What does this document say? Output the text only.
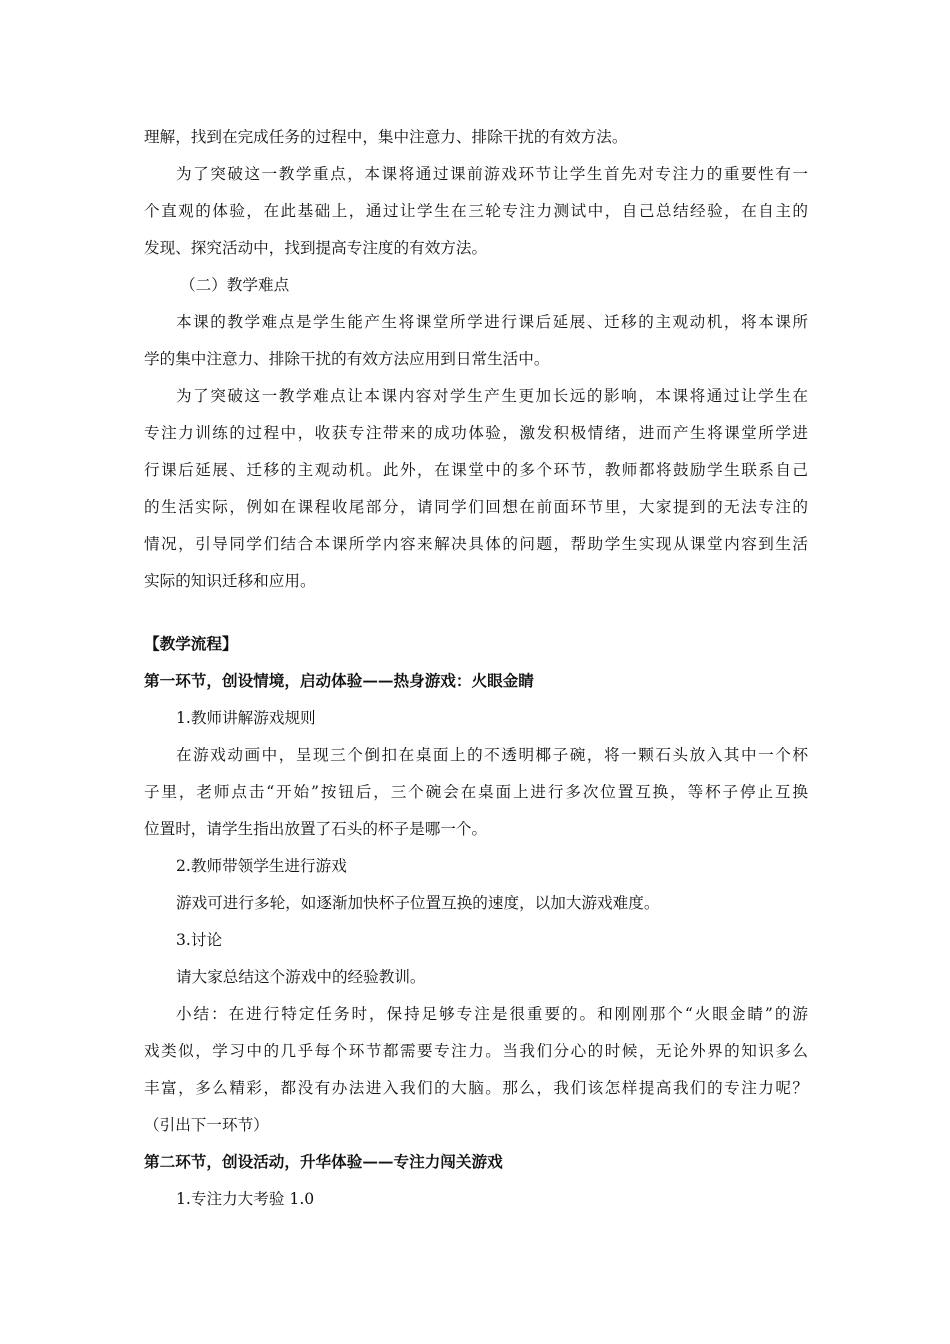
理解，找到在完成任务的过程中，集中注意力、排除干扰的有效方法。
为了突破这一教学重点，本课将通过课前游戏环节让学生首先对专注力的重要性有一
个直观的体验，在此基础上，通过让学生在三轮专注力测试中，自己总结经验，在自主的
发现、探究活动中，找到提高专注度的有效方法。
（二）教学难点
本课的教学难点是学生能产生将课堂所学进行课后延展、迁移的主观动机，将本课所
学的集中注意力、排除干扰的有效方法应用到日常生活中。
为了突破这一教学难点让本课内容对学生产生更加长远的影响，本课将通过让学生在
专注力训练的过程中，收获专注带来的成功体验，激发积极情绪，进而产生将课堂所学进
行课后延展、迁移的主观动机。此外，在课堂中的多个环节，教师都将鼓励学生联系自己
的生活实际，例如在课程收尾部分，请同学们回想在前面环节里，大家提到的无法专注的
情况，引导同学们结合本课所学内容来解决具体的问题，帮助学生实现从课堂内容到生活
实际的知识迁移和应用。
【教学流程】
第一环节，创设情境，启动体验——热身游戏：火眼金睛
1.教师讲解游戏规则
在游戏动画中，呈现三个倒扣在桌面上的不透明椰子碗，将一颗石头放入其中一个杯
子里，老师点击“开始”按钮后，三个碗会在桌面上进行多次位置互换，等杯子停止互换
位置时，请学生指出放置了石头的杯子是哪一个。
2.教师带领学生进行游戏
游戏可进行多轮，如逐渐加快杯子位置互换的速度，以加大游戏难度。
3.讨论
请大家总结这个游戏中的经验教训。
小结：在进行特定任务时，保持足够专注是很重要的。和刚刚那个“火眼金睛”的游
戏类似，学习中的几乎每个环节都需要专注力。当我们分心的时候，无论外界的知识多么
丰富，多么精彩，都没有办法进入我们的大脑。那么，我们该怎样提高我们的专注力呢？
（引出下一环节）
第二环节，创设活动，升华体验——专注力闯关游戏
1.专注力大考验 1.0
